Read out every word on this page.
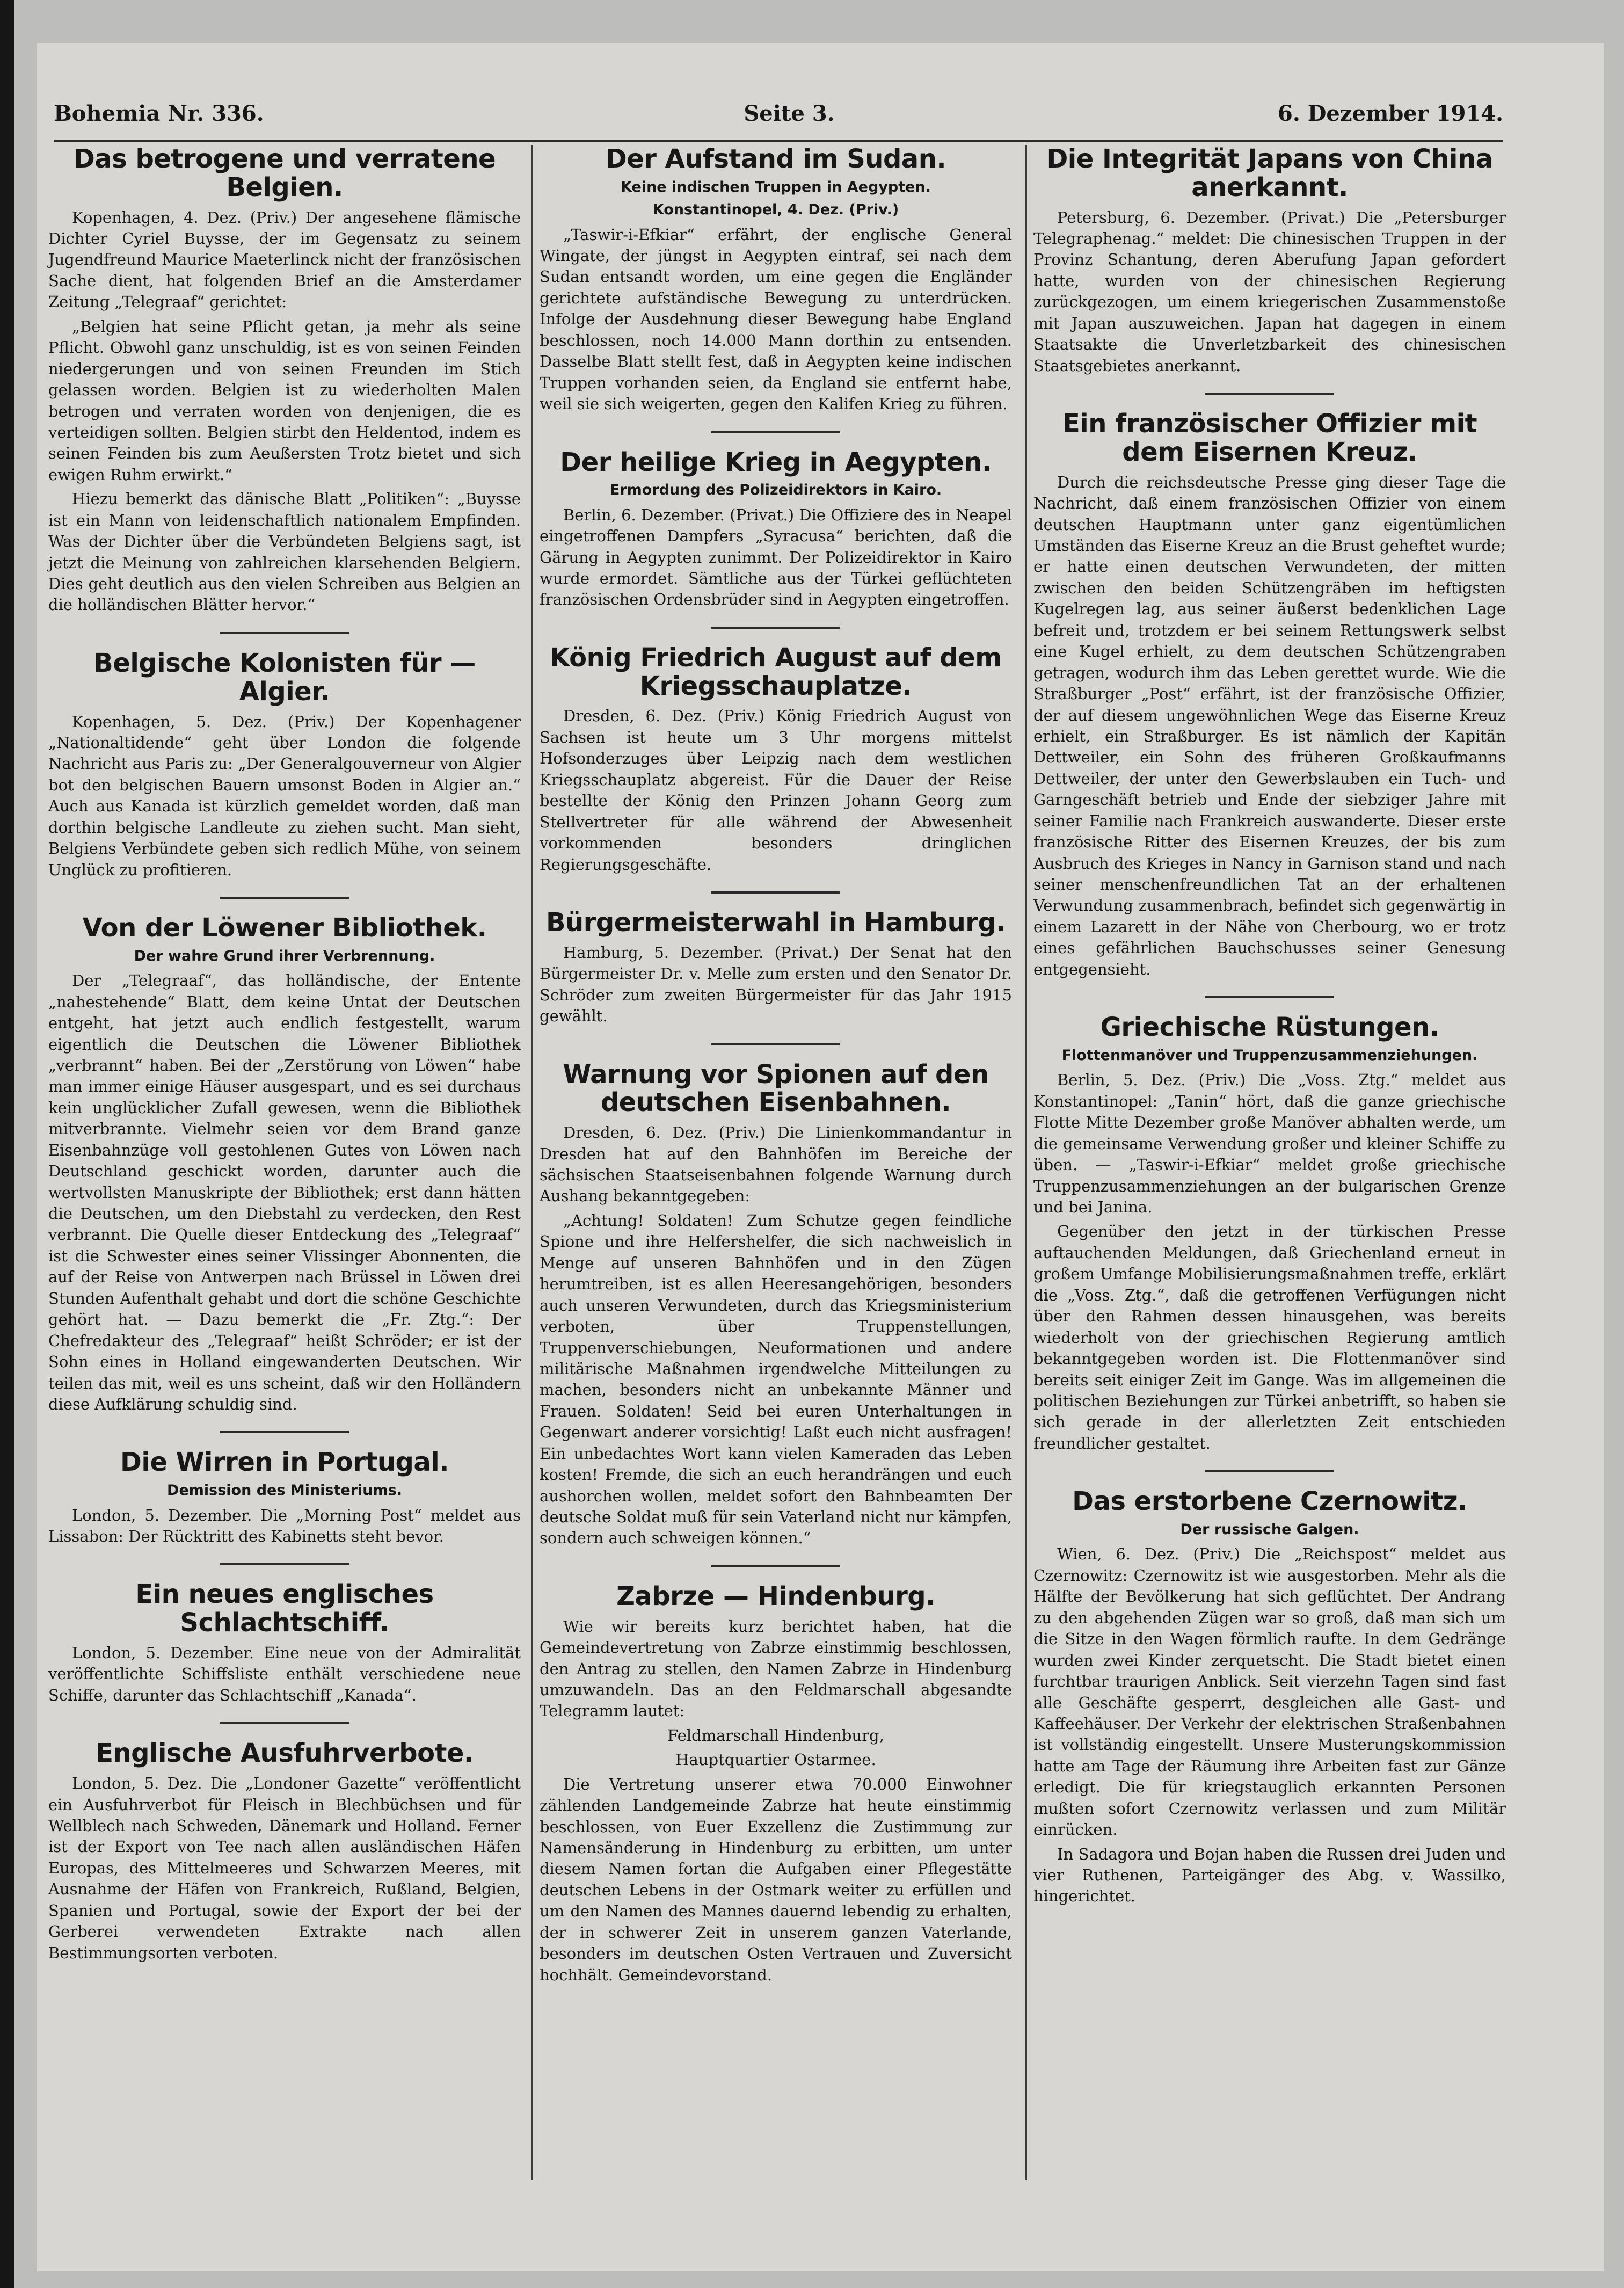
Bohemia Nr. 336.	Seite 3.	6. Dezember 1914.
Das betrogene und verratene Belgien.

Kopenhagen, 4. Dez. (Priv.) Der angesehene flämische Dichter Cyriel Buysse, der im Gegensatz zu seinem Jugendfreund Maurice Maeterlinck nicht der französischen Sache dient, hat folgenden Brief an die Amsterdamer Zeitung „Telegraaf“ gerichtet:

„Belgien hat seine Pflicht getan, ja mehr als seine Pflicht. Obwohl ganz unschuldig, ist es von seinen Feinden niedergerungen und von seinen Freunden im Stich gelassen worden. Belgien ist zu wiederholten Malen betrogen und verraten worden von denjenigen, die es verteidigen sollten. Belgien stirbt den Heldentod, indem es seinen Feinden bis zum Aeußersten Trotz bietet und sich ewigen Ruhm erwirkt.“

Hiezu bemerkt das dänische Blatt „Politiken“: „Buysse ist ein Mann von leidenschaftlich nationalem Empfinden. Was der Dichter über die Verbündeten Belgiens sagt, ist jetzt die Meinung von zahlreichen klarsehenden Belgiern. Dies geht deutlich aus den vielen Schreiben aus Belgien an die holländischen Blätter hervor.“

Belgische Kolonisten für — Algier.

Kopenhagen, 5. Dez. (Priv.) Der Kopenhagener „Nationaltidende“ geht über London die folgende Nachricht aus Paris zu: „Der Generalgouverneur von Algier bot den belgischen Bauern umsonst Boden in Algier an.“ Auch aus Kanada ist kürzlich gemeldet worden, daß man dorthin belgische Landleute zu ziehen sucht. Man sieht, Belgiens Verbündete geben sich redlich Mühe, von seinem Unglück zu profitieren.

Von der Löwener Bibliothek.
Der wahre Grund ihrer Verbrennung.

Der „Telegraaf“, das holländische, der Entente „nahestehende“ Blatt, dem keine Untat der Deutschen entgeht, hat jetzt auch endlich festgestellt, warum eigentlich die Deutschen die Löwener Bibliothek „verbrannt“ haben. Bei der „Zerstörung von Löwen“ habe man immer einige Häuser ausgespart, und es sei durchaus kein unglücklicher Zufall gewesen, wenn die Bibliothek mitverbrannte. Vielmehr seien vor dem Brand ganze Eisenbahnzüge voll gestohlenen Gutes von Löwen nach Deutschland geschickt worden, darunter auch die wertvollsten Manuskripte der Bibliothek; erst dann hätten die Deutschen, um den Diebstahl zu verdecken, den Rest verbrannt. Die Quelle dieser Entdeckung des „Telegraaf“ ist die Schwester eines seiner Vlissinger Abonnenten, die auf der Reise von Antwerpen nach Brüssel in Löwen drei Stunden Aufenthalt gehabt und dort die schöne Geschichte gehört hat. — Dazu bemerkt die „Fr. Ztg.“: Der Chefredakteur des „Telegraaf“ heißt Schröder; er ist der Sohn eines in Holland eingewanderten Deutschen. Wir teilen das mit, weil es uns scheint, daß wir den Holländern diese Aufklärung schuldig sind.

Die Wirren in Portugal.
Demission des Ministeriums.

London, 5. Dezember. Die „Morning Post“ meldet aus Lissabon: Der Rücktritt des Kabinetts steht bevor.

Ein neues englisches Schlachtschiff.

London, 5. Dezember. Eine neue von der Admiralität veröffentlichte Schiffsliste enthält verschiedene neue Schiffe, darunter das Schlachtschiff „Kanada“.

Englische Ausfuhrverbote.

London, 5. Dez. Die „Londoner Gazette“ veröffentlicht ein Ausfuhrverbot für Fleisch in Blechbüchsen und für Wellblech nach Schweden, Dänemark und Holland. Ferner ist der Export von Tee nach allen ausländischen Häfen Europas, des Mittelmeeres und Schwarzen Meeres, mit Ausnahme der Häfen von Frankreich, Rußland, Belgien, Spanien und Portugal, sowie der Export der bei der Gerberei verwendeten Extrakte nach allen Bestimmungsorten verboten.

Der Aufstand im Sudan.
Keine indischen Truppen in Aegypten.
Konstantinopel, 4. Dez. (Priv.)

„Taswir-i-Efkiar“ erfährt, der englische General Wingate, der jüngst in Aegypten eintraf, sei nach dem Sudan entsandt worden, um eine gegen die Engländer gerichtete aufständische Bewegung zu unterdrücken. Infolge der Ausdehnung dieser Bewegung habe England beschlossen, noch 14.000 Mann dorthin zu entsenden. Dasselbe Blatt stellt fest, daß in Aegypten keine indischen Truppen vorhanden seien, da England sie entfernt habe, weil sie sich weigerten, gegen den Kalifen Krieg zu führen.

Der heilige Krieg in Aegypten.
Ermordung des Polizeidirektors in Kairo.

Berlin, 6. Dezember. (Privat.) Die Offiziere des in Neapel eingetroffenen Dampfers „Syracusa“ berichten, daß die Gärung in Aegypten zunimmt. Der Polizeidirektor in Kairo wurde ermordet. Sämtliche aus der Türkei geflüchteten französischen Ordensbrüder sind in Aegypten eingetroffen.

König Friedrich August auf dem Kriegsschauplatze.

Dresden, 6. Dez. (Priv.) König Friedrich August von Sachsen ist heute um 3 Uhr morgens mittelst Hofsonderzuges über Leipzig nach dem westlichen Kriegsschauplatz abgereist. Für die Dauer der Reise bestellte der König den Prinzen Johann Georg zum Stellvertreter für alle während der Abwesenheit vorkommenden besonders dringlichen Regierungsgeschäfte.

Bürgermeisterwahl in Hamburg.

Hamburg, 5. Dezember. (Privat.) Der Senat hat den Bürgermeister Dr. v. Melle zum ersten und den Senator Dr. Schröder zum zweiten Bürgermeister für das Jahr 1915 gewählt.

Warnung vor Spionen auf den deutschen Eisenbahnen.

Dresden, 6. Dez. (Priv.) Die Linienkommandantur in Dresden hat auf den Bahnhöfen im Bereiche der sächsischen Staatseisenbahnen folgende Warnung durch Aushang bekanntgegeben:

„Achtung! Soldaten! Zum Schutze gegen feindliche Spione und ihre Helfershelfer, die sich nachweislich in Menge auf unseren Bahnhöfen und in den Zügen herumtreiben, ist es allen Heeresangehörigen, besonders auch unseren Verwundeten, durch das Kriegsministerium verboten, über Truppenstellungen, Truppenverschiebungen, Neuformationen und andere militärische Maßnahmen irgendwelche Mitteilungen zu machen, besonders nicht an unbekannte Männer und Frauen. Soldaten! Seid bei euren Unterhaltungen in Gegenwart anderer vorsichtig! Laßt euch nicht ausfragen! Ein unbedachtes Wort kann vielen Kameraden das Leben kosten! Fremde, die sich an euch herandrängen und euch aushorchen wollen, meldet sofort den Bahnbeamten Der deutsche Soldat muß für sein Vaterland nicht nur kämpfen, sondern auch schweigen können.“

Zabrze — Hindenburg.

Wie wir bereits kurz berichtet haben, hat die Gemeindevertretung von Zabrze einstimmig beschlossen, den Antrag zu stellen, den Namen Zabrze in Hindenburg umzuwandeln. Das an den Feldmarschall abgesandte Telegramm lautet:

Feldmarschall Hindenburg,

Hauptquartier Ostarmee.

Die Vertretung unserer etwa 70.000 Einwohner zählenden Landgemeinde Zabrze hat heute einstimmig beschlossen, von Euer Exzellenz die Zustimmung zur Namensänderung in Hindenburg zu erbitten, um unter diesem Namen fortan die Aufgaben einer Pflegestätte deutschen Lebens in der Ostmark weiter zu erfüllen und um den Namen des Mannes dauernd lebendig zu erhalten, der in schwerer Zeit in unserem ganzen Vaterlande, besonders im deutschen Osten Vertrauen und Zuversicht hochhält. Gemeindevorstand.

Die Integrität Japans von China anerkannt.

Petersburg, 6. Dezember. (Privat.) Die „Petersburger Telegraphenag.“ meldet: Die chinesischen Truppen in der Provinz Schantung, deren Aberufung Japan gefordert hatte, wurden von der chinesischen Regierung zurückgezogen, um einem kriegerischen Zusammenstoße mit Japan auszuweichen. Japan hat dagegen in einem Staatsakte die Unverletzbarkeit des chinesischen Staatsgebietes anerkannt.

Ein französischer Offizier mit dem Eisernen Kreuz.

Durch die reichsdeutsche Presse ging dieser Tage die Nachricht, daß einem französischen Offizier von einem deutschen Hauptmann unter ganz eigentümlichen Umständen das Eiserne Kreuz an die Brust geheftet wurde; er hatte einen deutschen Verwundeten, der mitten zwischen den beiden Schützengräben im heftigsten Kugelregen lag, aus seiner äußerst bedenklichen Lage befreit und, trotzdem er bei seinem Rettungswerk selbst eine Kugel erhielt, zu dem deutschen Schützengraben getragen, wodurch ihm das Leben gerettet wurde. Wie die Straßburger „Post“ erfährt, ist der französische Offizier, der auf diesem ungewöhnlichen Wege das Eiserne Kreuz erhielt, ein Straßburger. Es ist nämlich der Kapitän Dettweiler, ein Sohn des früheren Großkaufmanns Dettweiler, der unter den Gewerbslauben ein Tuch- und Garngeschäft betrieb und Ende der siebziger Jahre mit seiner Familie nach Frankreich auswanderte. Dieser erste französische Ritter des Eisernen Kreuzes, der bis zum Ausbruch des Krieges in Nancy in Garnison stand und nach seiner menschenfreundlichen Tat an der erhaltenen Verwundung zusammenbrach, befindet sich gegenwärtig in einem Lazarett in der Nähe von Cherbourg, wo er trotz eines gefährlichen Bauchschusses seiner Genesung entgegensieht.

Griechische Rüstungen.
Flottenmanöver und Truppenzusammenziehungen.

Berlin, 5. Dez. (Priv.) Die „Voss. Ztg.“ meldet aus Konstantinopel: „Tanin“ hört, daß die ganze griechische Flotte Mitte Dezember große Manöver abhalten werde, um die gemeinsame Verwendung großer und kleiner Schiffe zu üben. — „Taswir-i-Efkiar“ meldet große griechische Truppenzusammenziehungen an der bulgarischen Grenze und bei Janina.

Gegenüber den jetzt in der türkischen Presse auftauchenden Meldungen, daß Griechenland erneut in großem Umfange Mobilisierungsmaßnahmen treffe, erklärt die „Voss. Ztg.“, daß die getroffenen Verfügungen nicht über den Rahmen dessen hinausgehen, was bereits wiederholt von der griechischen Regierung amtlich bekanntgegeben worden ist. Die Flottenmanöver sind bereits seit einiger Zeit im Gange. Was im allgemeinen die politischen Beziehungen zur Türkei anbetrifft, so haben sie sich gerade in der allerletzten Zeit entschieden freundlicher gestaltet.

Das erstorbene Czernowitz.
Der russische Galgen.

Wien, 6. Dez. (Priv.) Die „Reichspost“ meldet aus Czernowitz: Czernowitz ist wie ausgestorben. Mehr als die Hälfte der Bevölkerung hat sich geflüchtet. Der Andrang zu den abgehenden Zügen war so groß, daß man sich um die Sitze in den Wagen förmlich raufte. In dem Gedränge wurden zwei Kinder zerquetscht. Die Stadt bietet einen furchtbar traurigen Anblick. Seit vierzehn Tagen sind fast alle Geschäfte gesperrt, desgleichen alle Gast- und Kaffeehäuser. Der Verkehr der elektrischen Straßenbahnen ist vollständig eingestellt. Unsere Musterungskommission hatte am Tage der Räumung ihre Arbeiten fast zur Gänze erledigt. Die für kriegstauglich erkannten Personen mußten sofort Czernowitz verlassen und zum Militär einrücken.

In Sadagora und Bojan haben die Russen drei Juden und vier Ruthenen, Parteigänger des Abg. v. Wassilko, hingerichtet.
